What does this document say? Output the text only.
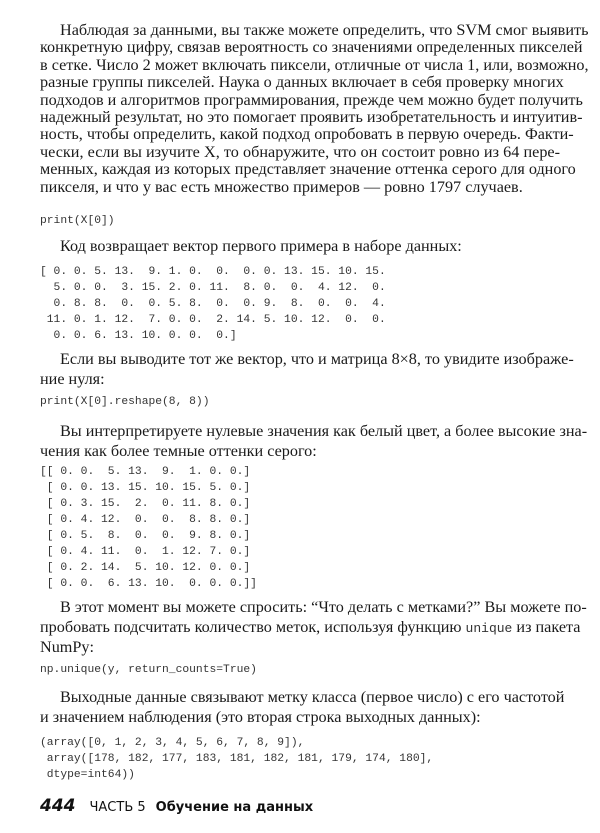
Наблюдая за данными, вы также можете определить, что SVM смог выявить
конкретную цифру, связав вероятность со значениями определенных пикселей
в сетке. Число 2 может включать пиксели, отличные от числа 1, или, возможно,
разные группы пикселей. Наука о данных включает в себя проверку многих
подходов и алгоритмов программирования, прежде чем можно будет получить
надежный результат, но это помогает проявить изобретательность и интуитив-
ность, чтобы определить, какой подход опробовать в первую очередь. Факти-
чески, если вы изучите X, то обнаружите, что он состоит ровно из 64 пере-
менных, каждая из которых представляет значение оттенка серого для одного
пикселя, и что у вас есть множество примеров — ровно 1797 случаев.
print(X[0])
Код возвращает вектор первого примера в наборе данных:
[ 0. 0. 5. 13.  9. 1. 0.  0.  0. 0. 13. 15. 10. 15.
5. 0. 0.  3. 15. 2. 0. 11.  8. 0.  0.  4. 12.  0.
0. 8. 8.  0.  0. 5. 8.  0.  0. 9.  8.  0.  0.  4.
11. 0. 1. 12.  7. 0. 0.  2. 14. 5. 10. 12.  0.  0.
0. 0. 6. 13. 10. 0. 0.  0.]
Если вы выводите тот же вектор, что и матрица 8×8, то увидите изображе-
ние нуля:
print(X[0].reshape(8, 8))
Вы интерпретируете нулевые значения как белый цвет, а более высокие зна-
чения как более темные оттенки серого:
[[ 0. 0.  5. 13.  9.  1. 0. 0.]
[ 0. 0. 13. 15. 10. 15. 5. 0.]
[ 0. 3. 15.  2.  0. 11. 8. 0.]
[ 0. 4. 12.  0.  0.  8. 8. 0.]
[ 0. 5.  8.  0.  0.  9. 8. 0.]
[ 0. 4. 11.  0.  1. 12. 7. 0.]
[ 0. 2. 14.  5. 10. 12. 0. 0.]
[ 0. 0.  6. 13. 10.  0. 0. 0.]]
В этот момент вы можете спросить: “Что делать с метками?” Вы можете по-
пробовать подсчитать количество меток, используя функцию unique из пакета
NumPy:
np.unique(y, return_counts=True)
Выходные данные связывают метку класса (первое число) с его частотой
и значением наблюдения (это вторая строка выходных данных):
(array([0, 1, 2, 3, 4, 5, 6, 7, 8, 9]),
array([178, 182, 177, 183, 181, 182, 181, 179, 174, 180],
dtype=int64))
444 ЧАСТЬ 5 Обучение на данных
